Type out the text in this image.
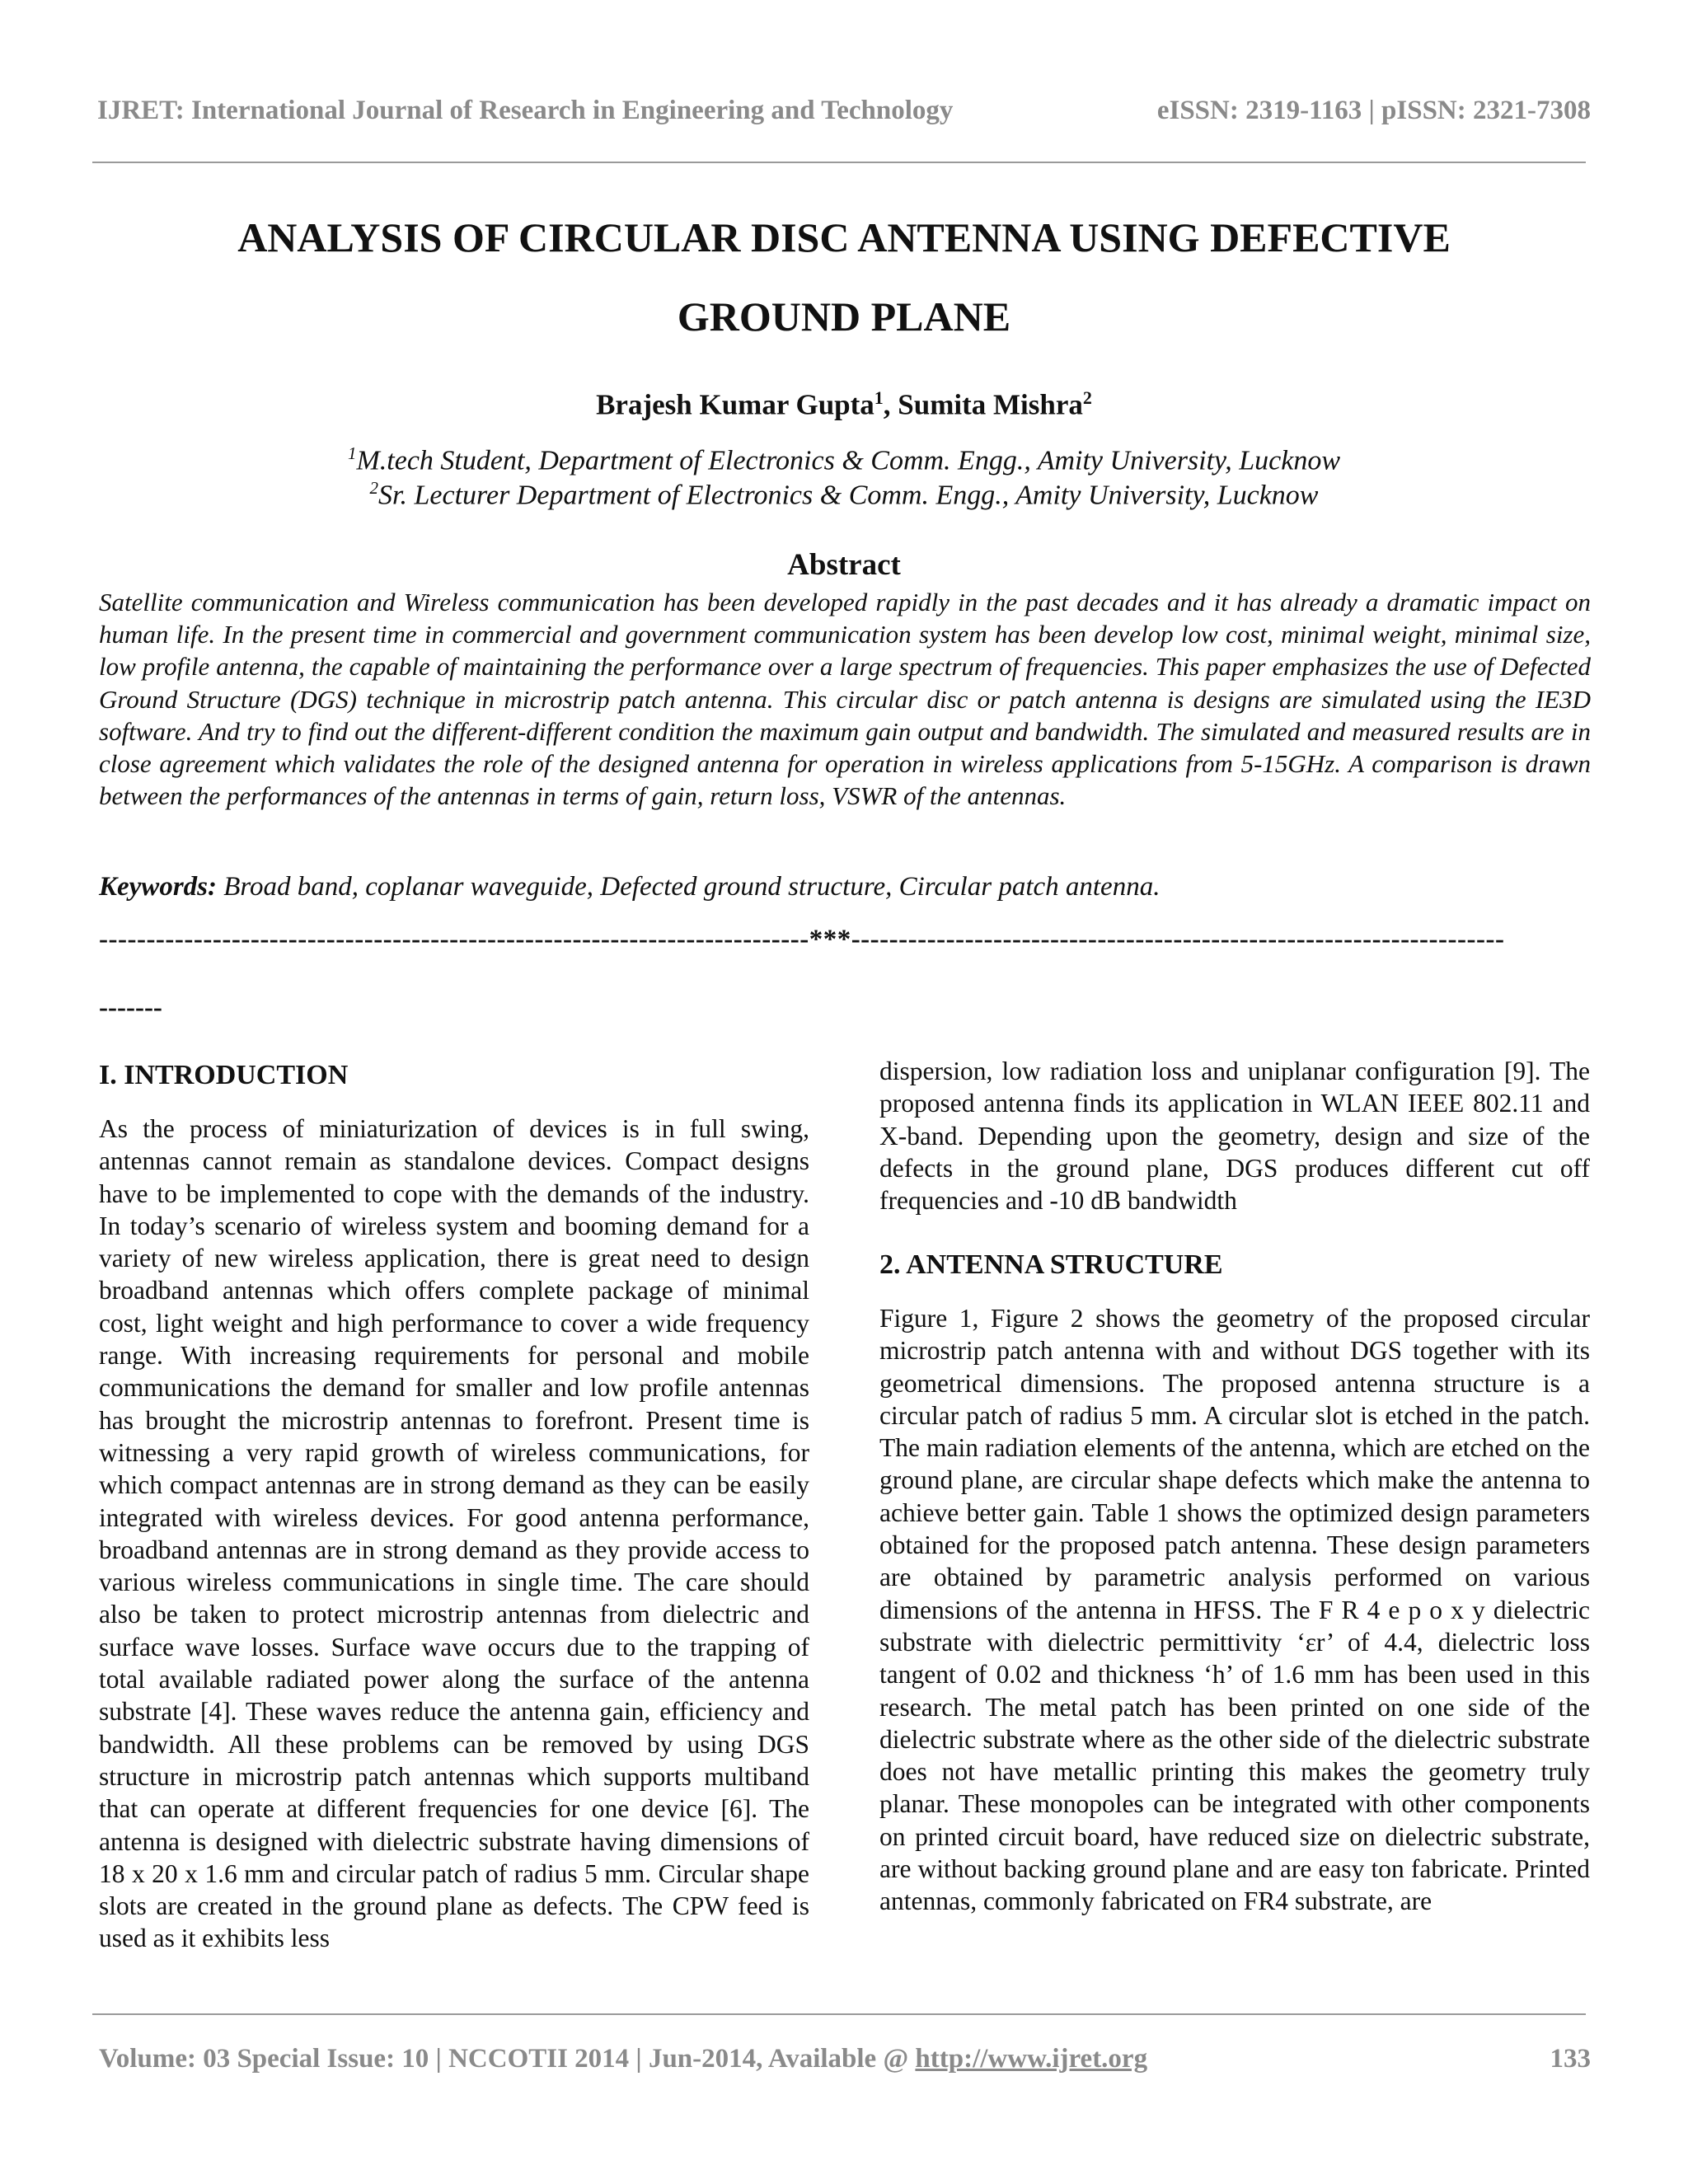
IJRET: International Journal of Research in Engineering and Technology	eISSN: 2319-1163 | pISSN: 2321-7308
ANALYSIS OF CIRCULAR DISC ANTENNA USING DEFECTIVE
GROUND PLANE
Brajesh Kumar Gupta$^1$, Sumita Mishra$^2$
$^1$M.tech Student, Department of Electronics & Comm. Engg., Amity University, Lucknow
$^2$Sr. Lecturer Department of Electronics & Comm. Engg., Amity University, Lucknow
Abstract
Satellite communication and Wireless communication has been developed rapidly in the past decades and it has already a dramatic impact on human life. In the present time in commercial and government communication system has been develop low cost, minimal weight, minimal size, low profile antenna, the capable of maintaining the performance over a large spectrum of frequencies. This paper emphasizes the use of Defected Ground Structure (DGS) technique in microstrip patch antenna. This circular disc or patch antenna is designs are simulated using the IE3D software. And try to find out the different-different condition the maximum gain output and bandwidth. The simulated and measured results are in close agreement which validates the role of the designed antenna for operation in wireless applications from 5-15GHz. A comparison is drawn between the performances of the antennas in terms of gain, return loss, VSWR of the antennas.
Keywords: Broad band, coplanar waveguide, Defected ground structure, Circular patch antenna.
---------------------------------------------------------------------------***---------------------------------------------------------------------
-------
I. INTRODUCTION
As the process of miniaturization of devices is in full swing, antennas cannot remain as standalone devices. Compact designs have to be implemented to cope with the demands of the industry. In today’s scenario of wireless system and booming demand for a variety of new wireless application, there is great need to design broadband antennas which offers complete package of minimal cost, light weight and high performance to cover a wide frequency range. With increasing requirements for personal and mobile communications the demand for smaller and low profile antennas has brought the microstrip antennas to forefront. Present time is witnessing a very rapid growth of wireless communications, for which compact antennas are in strong demand as they can be easily integrated with wireless devices. For good antenna performance, broadband antennas are in strong demand as they provide access to various wireless communications in single time. The care should also be taken to protect microstrip antennas from dielectric and surface wave losses. Surface wave occurs due to the trapping of total available radiated power along the surface of the antenna substrate [4]. These waves reduce the antenna gain, efficiency and bandwidth. All these problems can be removed by using DGS structure in microstrip patch antennas which supports multiband that can operate at different frequencies for one device [6]. The antenna is designed with dielectric substrate having dimensions of 18 x 20 x 1.6 mm and circular patch of radius 5 mm. Circular shape slots are created in the ground plane as defects. The CPW feed is used as it exhibits less
dispersion, low radiation loss and uniplanar configuration [9]. The proposed antenna finds its application in WLAN IEEE 802.11 and X-band. Depending upon the geometry, design and size of the defects in the ground plane, DGS produces different cut off frequencies and -10 dB bandwidth
2. ANTENNA STRUCTURE
Figure 1, Figure 2 shows the geometry of the proposed circular microstrip patch antenna with and without DGS together with its geometrical dimensions. The proposed antenna structure is a circular patch of radius 5 mm. A circular slot is etched in the patch. The main radiation elements of the antenna, which are etched on the ground plane, are circular shape defects which make the antenna to achieve better gain. Table 1 shows the optimized design parameters obtained for the proposed patch antenna. These design parameters are obtained by parametric analysis performed on various dimensions of the antenna in HFSS. The F R 4 e p o x y dielectric substrate with dielectric permittivity ‘εr’ of 4.4, dielectric loss tangent of 0.02 and thickness ‘h’ of 1.6 mm has been used in this research. The metal patch has been printed on one side of the dielectric substrate where as the other side of the dielectric substrate does not have metallic printing this makes the geometry truly planar. These monopoles can be integrated with other components on printed circuit board, have reduced size on dielectric substrate, are without backing ground plane and are easy ton fabricate. Printed antennas, commonly fabricated on FR4 substrate, are
Volume: 03 Special Issue: 10 | NCCOTII 2014 | Jun-2014, Available @ http://www.ijret.org	133
